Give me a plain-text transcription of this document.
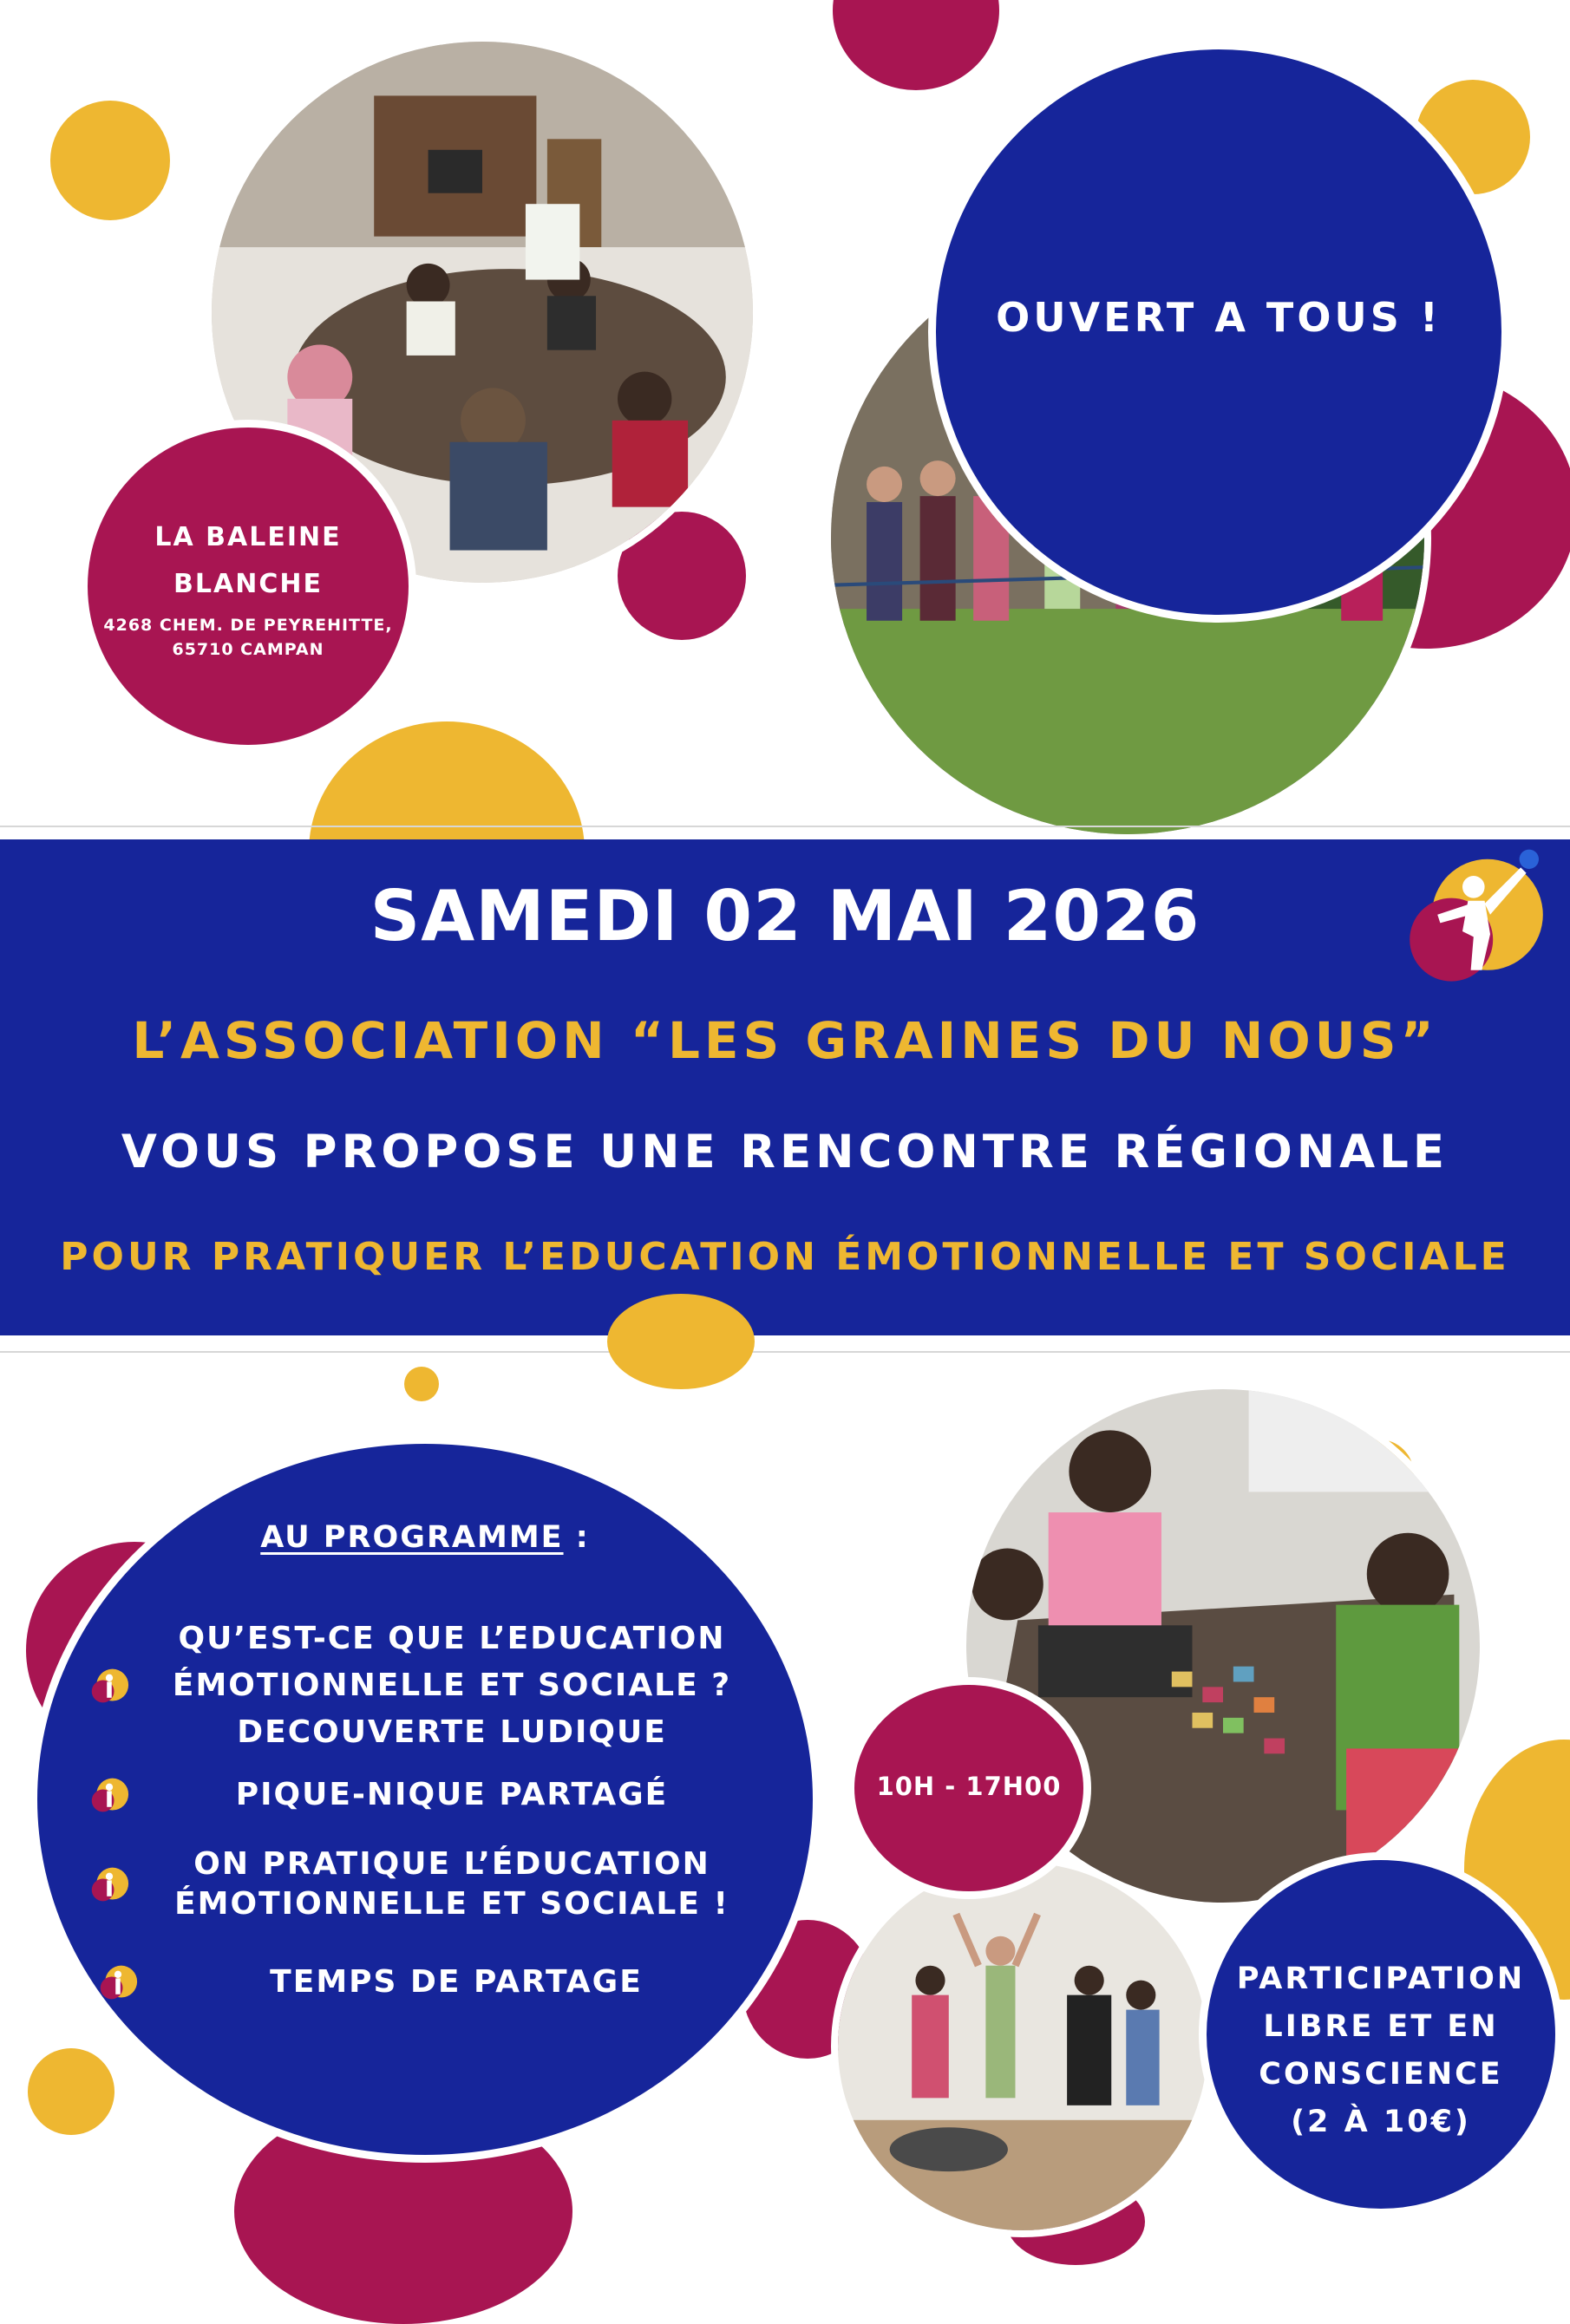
LA BALEINE
BLANCHE
4268 CHEM. DE PEYREHITTE,
65710 CAMPAN
OUVERT A TOUS !
SAMEDI 02 MAI 2026
L’ASSOCIATION “LES GRAINES DU NOUS”
VOUS PROPOSE UNE RENCONTRE RÉGIONALE
POUR PRATIQUER L’EDUCATION ÉMOTIONNELLE ET SOCIALE
AU PROGRAMME :
QU’EST-CE QUE L’EDUCATION
ÉMOTIONNELLE ET SOCIALE ?
DECOUVERTE LUDIQUE
PIQUE-NIQUE PARTAGÉ
ON PRATIQUE L’ÉDUCATION
ÉMOTIONNELLE ET SOCIALE !
TEMPS DE PARTAGE
10H - 17H00
PARTICIPATION
LIBRE ET EN
CONSCIENCE
(2 À 10€)
